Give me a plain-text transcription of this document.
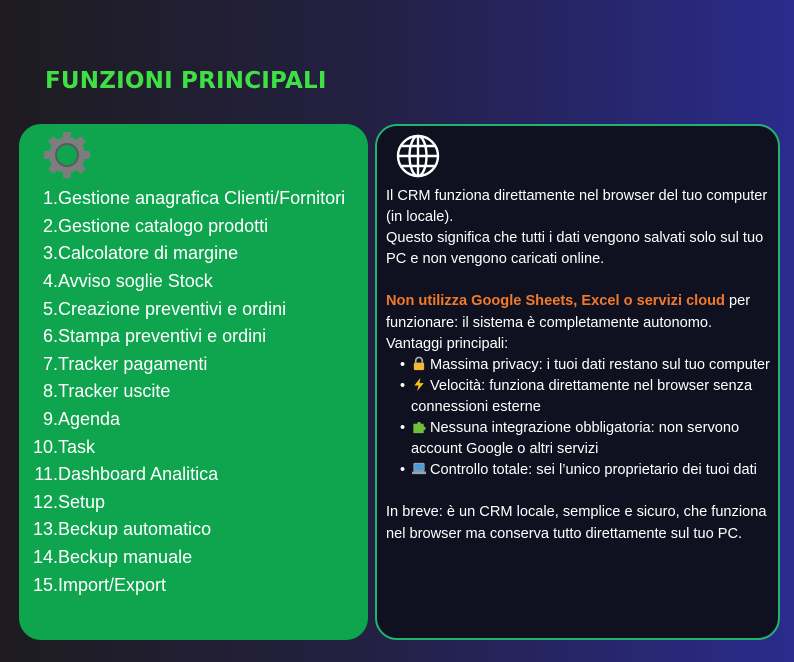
FUNZIONI PRINCIPALI
1. Gestione anagrafica Clienti/Fornitori
2. Gestione catalogo prodotti
3. Calcolatore di margine
4. Avviso soglie Stock
5. Creazione preventivi e ordini
6. Stampa preventivi e ordini
7. Tracker pagamenti
8. Tracker uscite
9. Agenda
10. Task
11. Dashboard Analitica
12. Setup
13. Beckup automatico
14. Beckup manuale
15. Import/Export

Il CRM funziona direttamente nel browser del tuo computer (in locale).

Questo significa che tutti i dati vengono salvati solo sul tuo PC e non vengono caricati online.

Non utilizza Google Sheets, Excel o servizi cloud per funzionare: il sistema è completamente autonomo.

Vantaggi principali:

• Massima privacy: i tuoi dati restano sul tuo computer
• Velocità: funziona direttamente nel browser senza connessioni esterne
• Nessuna integrazione obbligatoria: non servono account Google o altri servizi
• Controllo totale: sei l’unico proprietario dei tuoi dati

In breve: è un CRM locale, semplice e sicuro, che funziona nel browser ma conserva tutto direttamente sul tuo PC.
